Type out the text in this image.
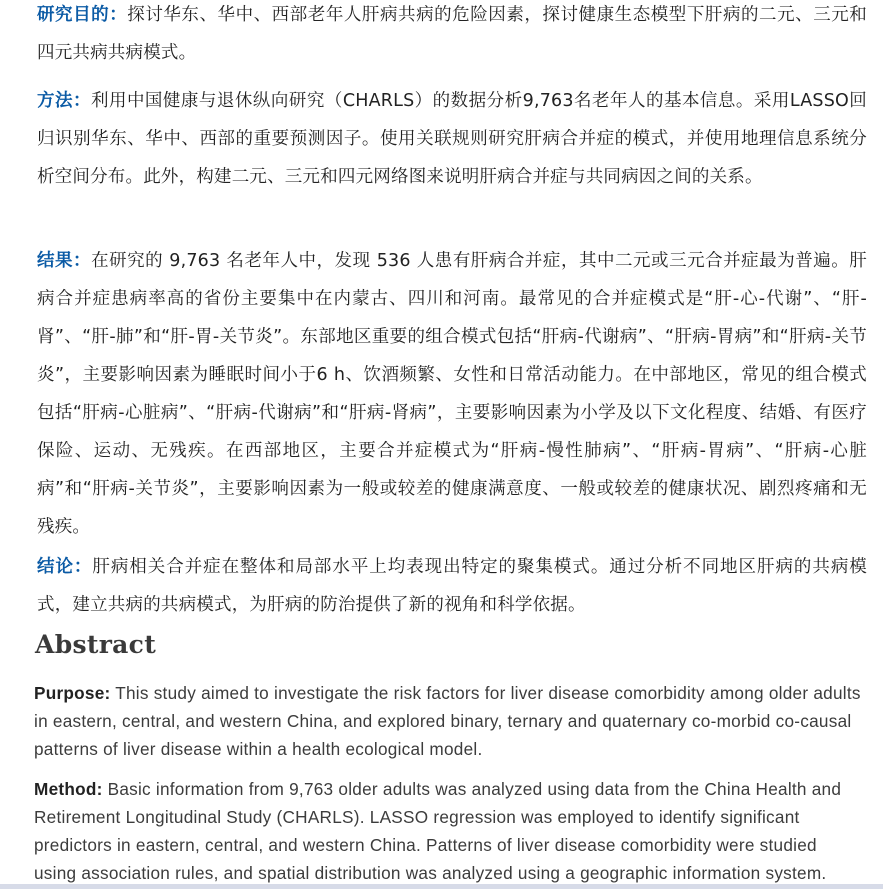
研究目的：探讨华东、华中、西部老年人肝病共病的危险因素，探讨健康生态模型下肝病的二元、三元和四元共病共病模式。

方法：利用中国健康与退休纵向研究（CHARLS）的数据分析9,763名老年人的基本信息。采用LASSO回归识别华东、华中、西部的重要预测因子。使用关联规则研究肝病合并症的模式，并使用地理信息系统分析空间分布。此外，构建二元、三元和四元网络图来说明肝病合并症与共同病因之间的关系。

结果：在研究的 9,763 名老年人中，发现 536 人患有肝病合并症，其中二元或三元合并症最为普遍。肝病合并症患病率高的省份主要集中在内蒙古、四川和河南。最常见的合并症模式是“肝-心-代谢”、“肝-肾”、“肝-肺”和“肝-胃-关节炎”。东部地区重要的组合模式包括“肝病-代谢病”、“肝病-胃病”和“肝病-关节炎”，主要影响因素为睡眠时间小于6 h、饮酒频繁、女性和日常活动能力。在中部地区，常见的组合模式包括“肝病-心脏病”、“肝病-代谢病”和“肝病-肾病”，主要影响因素为小学及以下文化程度、结婚、有医疗保险、运动、无残疾。在西部地区，主要合并症模式为“肝病-慢性肺病”、“肝病-胃病”、“肝病-心脏病”和“肝病-关节炎”，主要影响因素为一般或较差的健康满意度、一般或较差的健康状况、剧烈疼痛和无残疾。

结论：肝病相关合并症在整体和局部水平上均表现出特定的聚集模式。通过分析不同地区肝病的共病模式，建立共病的共病模式，为肝病的防治提供了新的视角和科学依据。

Abstract

Purpose: This study aimed to investigate the risk factors for liver disease comorbidity among older adults in eastern, central, and western China, and explored binary, ternary and quaternary co-morbid co-causal patterns of liver disease within a health ecological model.

Method: Basic information from 9,763 older adults was analyzed using data from the China Health and Retirement Longitudinal Study (CHARLS). LASSO regression was employed to identify significant predictors in eastern, central, and western China. Patterns of liver disease comorbidity were studied using association rules, and spatial distribution was analyzed using a geographic information system.
